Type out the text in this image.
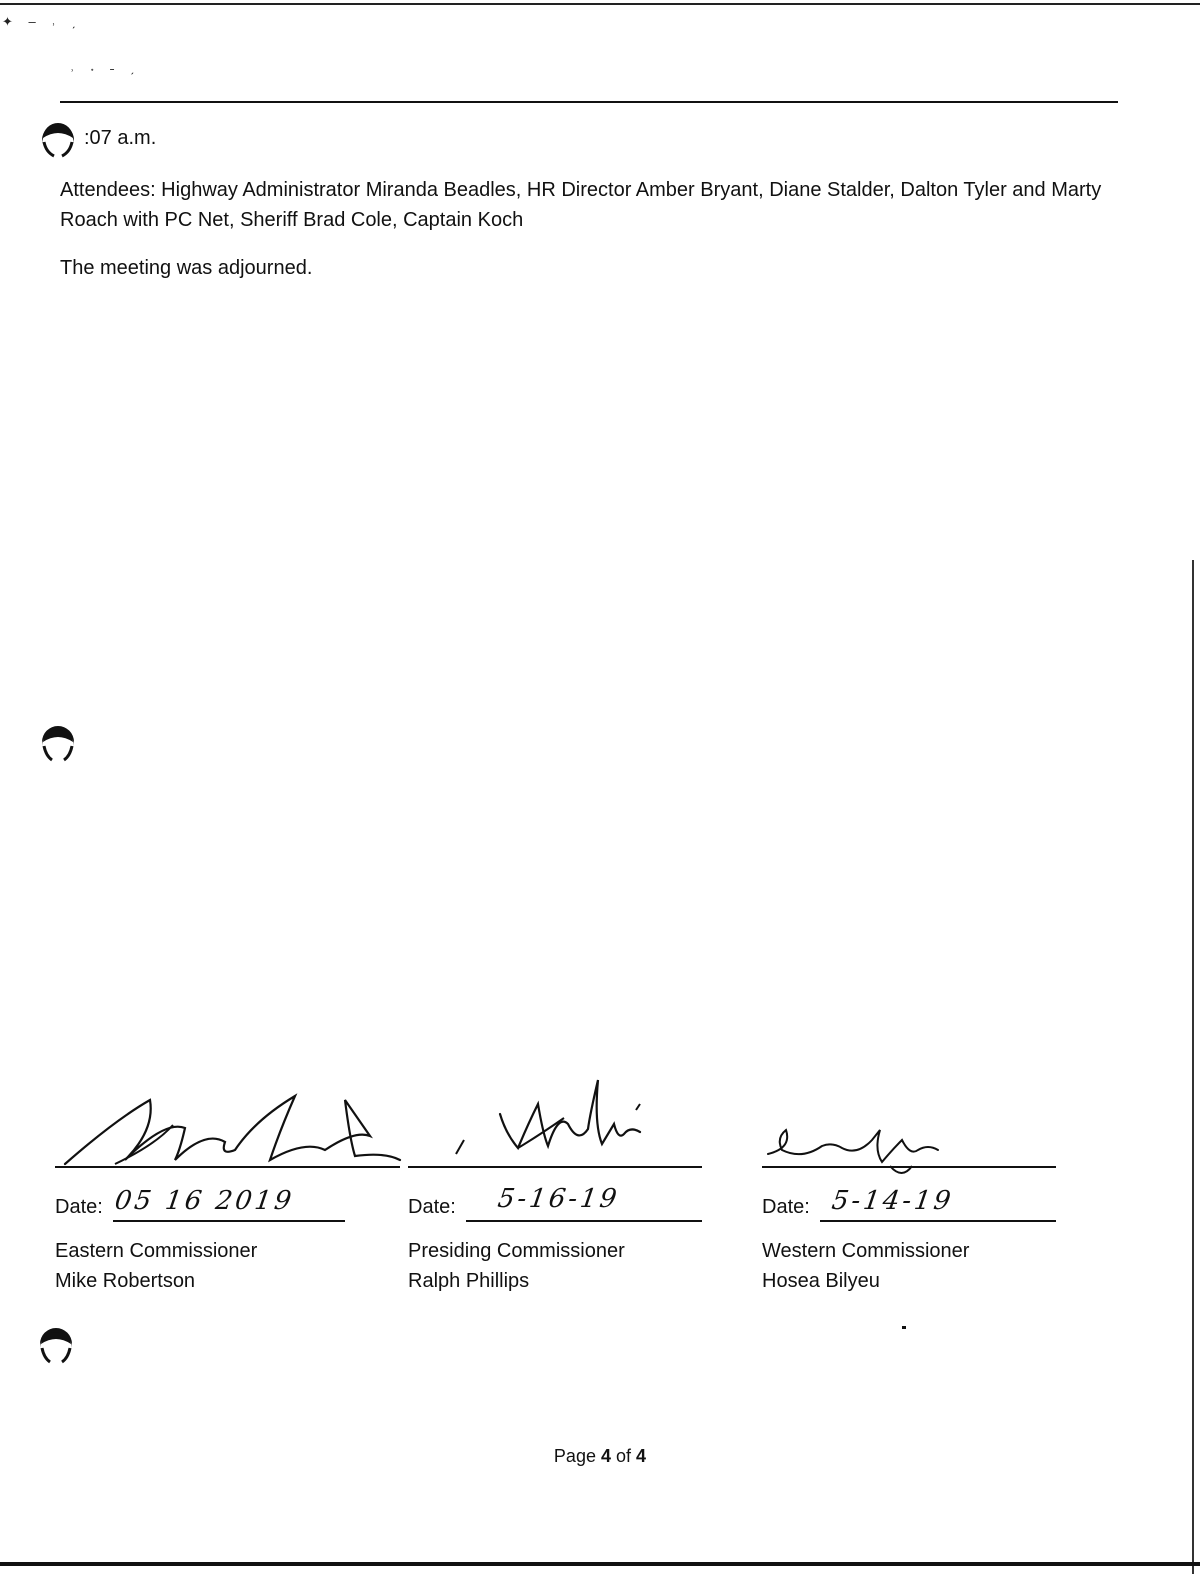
✦ ‒ ˒ ˏ
˒ ˖ ˗ ˏ
:07 a.m.
Attendees: Highway Administrator Miranda Beadles, HR Director Amber Bryant, Diane Stalder, Dalton Tyler and Marty Roach with PC Net, Sheriff Brad Cole, Captain Koch
The meeting was adjourned.
Date: 05 16 2019
Eastern Commissioner
Mike Robertson
Date: 5-16-19
Presiding Commissioner
Ralph Phillips
Date: 5-14-19
Western Commissioner
Hosea Bilyeu
Page 4 of 4
